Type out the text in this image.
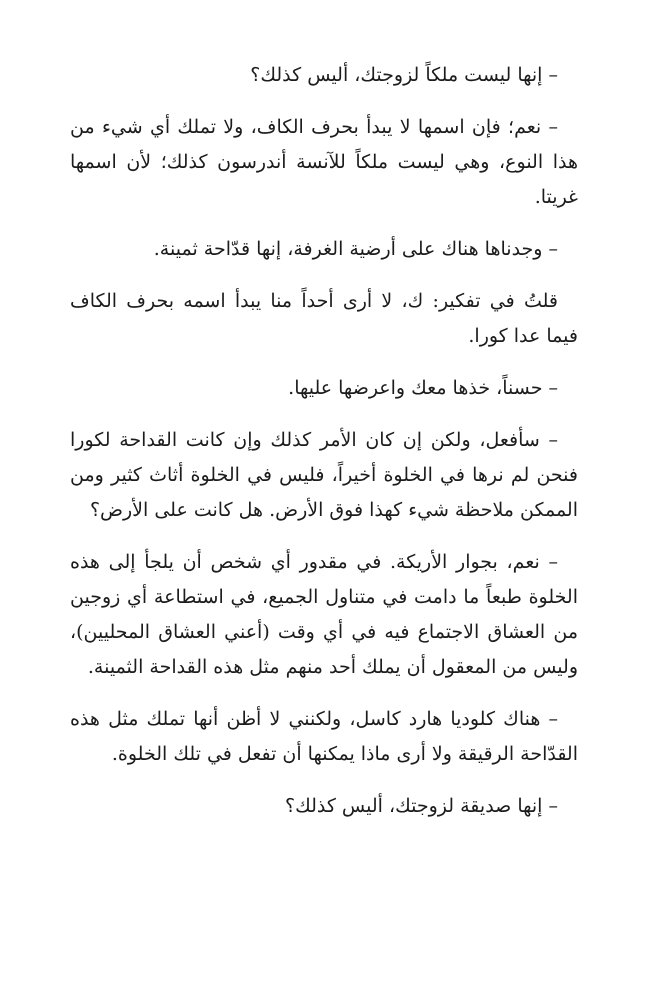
– إنها ليست ملكاً لزوجتك، أليس كذلك؟

– نعم؛ فإن اسمها لا يبدأ بحرف الكاف، ولا تملك أي شيء من هذا النوع، وهي ليست ملكاً للآنسة أندرسون كذلك؛ لأن اسمها غريتا.

– وجدناها هناك على أرضية الغرفة، إنها قدّاحة ثمينة.

قلتُ في تفكير: ك، لا أرى أحداً منا يبدأ اسمه بحرف الكاف فيما عدا كورا.

– حسناً، خذها معك واعرضها عليها.

– سأفعل، ولكن إن كان الأمر كذلك وإن كانت القداحة لكورا فنحن لم نرها في الخلوة أخيراً، فليس في الخلوة أثاث كثير ومن الممكن ملاحظة شيء كهذا فوق الأرض. هل كانت على الأرض؟

– نعم، بجوار الأريكة. في مقدور أي شخص أن يلجأ إلى هذه الخلوة طبعاً ما دامت في متناول الجميع، في استطاعة أي زوجين من العشاق الاجتماع فيه في أي وقت (أعني العشاق المحليين)، وليس من المعقول أن يملك أحد منهم مثل هذه القداحة الثمينة.

– هناك كلوديا هارد كاسل، ولكنني لا أظن أنها تملك مثل هذه القدّاحة الرقيقة ولا أرى ماذا يمكنها أن تفعل في تلك الخلوة.

– إنها صديقة لزوجتك، أليس كذلك؟
